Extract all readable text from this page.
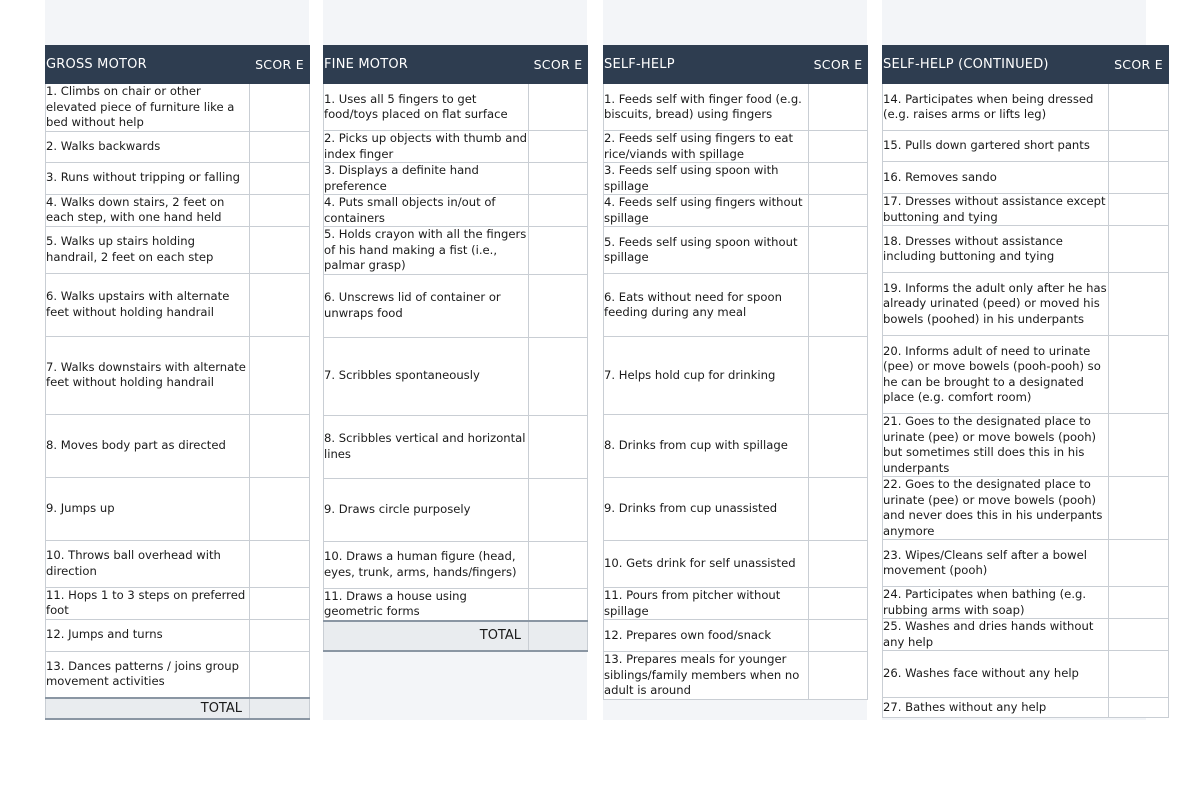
GROSS MOTOR	SCOR E
1. Climbs on chair or other elevated piece of furniture like a bed without help	
2. Walks backwards	
3. Runs without tripping or falling	
4. Walks down stairs, 2 feet on each step, with one hand held	
5. Walks up stairs holding handrail, 2 feet on each step	
6. Walks upstairs with alternate feet without holding handrail	
7. Walks downstairs with alternate feet without holding handrail	
8. Moves body part as directed	
9. Jumps up	
10. Throws ball overhead with direction	
11. Hops 1 to 3 steps on preferred foot	
12. Jumps and turns	
13. Dances patterns / joins group movement activities	
TOTAL	
FINE MOTOR	SCOR E
1. Uses all 5 fingers to get food/toys placed on flat surface	
2. Picks up objects with thumb and index finger	
3. Displays a definite hand preference	
4. Puts small objects in/out of containers	
5. Holds crayon with all the fingers of his hand making a fist (i.e., palmar grasp)	
6. Unscrews lid of container or unwraps food	
7. Scribbles spontaneously	
8. Scribbles vertical and horizontal lines	
9. Draws circle purposely	
10. Draws a human figure (head, eyes, trunk, arms, hands/fingers)	
11. Draws a house using geometric forms	
TOTAL	
SELF-HELP	SCOR E
1. Feeds self with finger food (e.g. biscuits, bread) using fingers	
2. Feeds self using fingers to eat rice/viands with spillage	
3. Feeds self using spoon with spillage	
4. Feeds self using fingers without spillage	
5. Feeds self using spoon without spillage	
6. Eats without need for spoon feeding during any meal	
7. Helps hold cup for drinking	
8. Drinks from cup with spillage	
9. Drinks from cup unassisted	
10. Gets drink for self unassisted	
11. Pours from pitcher without spillage	
12. Prepares own food/snack	
13. Prepares meals for younger siblings/family members when no adult is around	
SELF-HELP (CONTINUED)	SCOR E
14. Participates when being dressed (e.g. raises arms or lifts leg)	
15. Pulls down gartered short pants	
16. Removes sando	
17. Dresses without assistance except buttoning and tying	
18. Dresses without assistance including buttoning and tying	
19. Informs the adult only after he has already urinated (peed) or moved his bowels (poohed) in his underpants	
20. Informs adult of need to urinate (pee) or move bowels (pooh-pooh) so he can be brought to a designated place (e.g. comfort room)	
21. Goes to the designated place to urinate (pee) or move bowels (pooh) but sometimes still does this in his underpants	
22. Goes to the designated place to urinate (pee) or move bowels (pooh) and never does this in his underpants anymore	
23. Wipes/Cleans self after a bowel movement (pooh)	
24. Participates when bathing (e.g. rubbing arms with soap)	
25. Washes and dries hands without any help	
26. Washes face without any help	
27. Bathes without any help	
